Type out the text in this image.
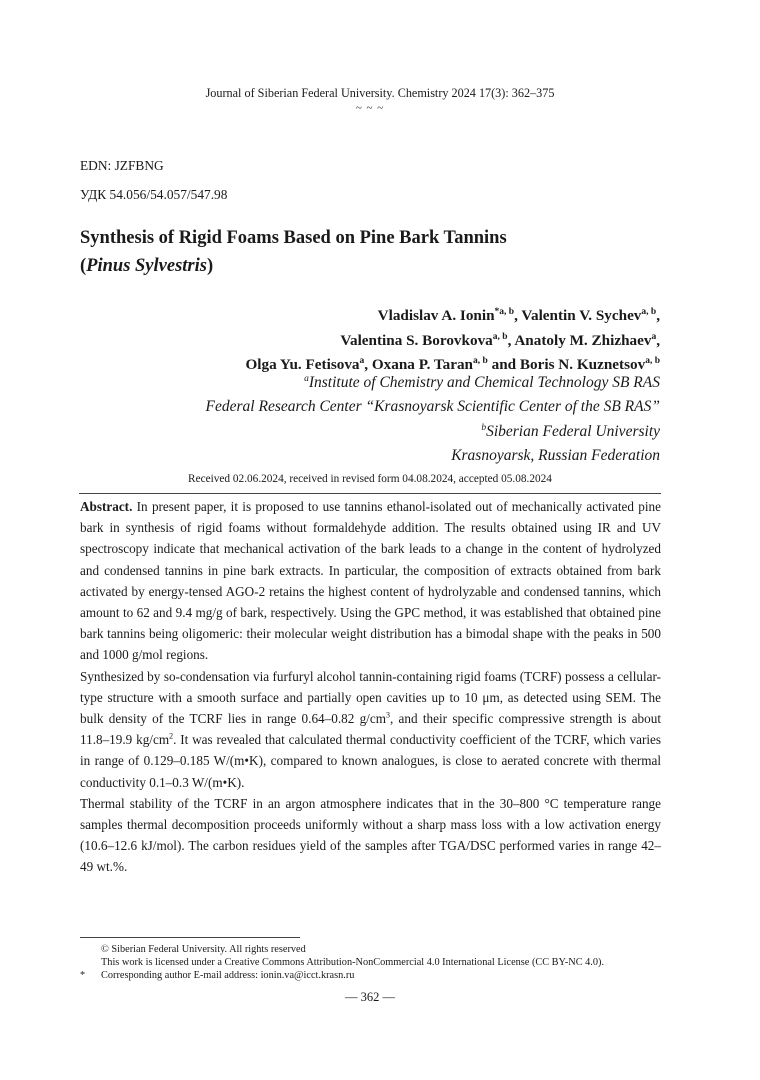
Journal of Siberian Federal University. Chemistry 2024 17(3): 362–375
~ ~ ~
EDN: JZFBNG
УДК 54.056/54.057/547.98
Synthesis of Rigid Foams Based on Pine Bark Tannins
(Pinus Sylvestris)
Vladislav A. Ionin$^{*a, b}$, Valentin V. Sychev$^{a, b}$,
Valentina S. Borovkova$^{a, b}$, Anatoly M. Zhizhaev$^a$,
Olga Yu. Fetisova$^a$, Oxana P. Taran$^{a, b}$ and Boris N. Kuznetsov$^{a, b}$
$^a$Institute of Chemistry and Chemical Technology SB RAS
Federal Research Center “Krasnoyarsk Scientific Center of the SB RAS”
$^b$Siberian Federal University
Krasnoyarsk, Russian Federation
Received 02.06.2024, received in revised form 04.08.2024, accepted 05.08.2024

Abstract. In present paper, it is proposed to use tannins ethanol-isolated out of mechanically activated pine bark in synthesis of rigid foams without formaldehyde addition. The results obtained using IR and UV spectroscopy indicate that mechanical activation of the bark leads to a change in the content of hydrolyzed and condensed tannins in pine bark extracts. In particular, the composition of extracts obtained from bark activated by energy-tensed AGO-2 retains the highest content of hydrolyzable and condensed tannins, which amount to 62 and 9.4 mg/g of bark, respectively. Using the GPC method, it was established that obtained pine bark tannins being oligomeric: their molecular weight distribution has a bimodal shape with the peaks in 500 and 1000 g/mol regions.

Synthesized by so-condensation via furfuryl alcohol tannin-containing rigid foams (TCRF) possess a cellular-type structure with a smooth surface and partially open cavities up to 10 μm, as detected using SEM. The bulk density of the TCRF lies in range 0.64–0.82 $g/cm^3$, and their specific compressive strength is about 11.8–19.9 $kg/cm^2$. It was revealed that calculated thermal conductivity coefficient of the TCRF, which varies in range of 0.129–0.185 W/(m•K), compared to known analogues, is close to aerated concrete with thermal conductivity 0.1–0.3 W/(m•K).

Thermal stability of the TCRF in an argon atmosphere indicates that in the 30–800 °C temperature range samples thermal decomposition proceeds uniformly without a sharp mass loss with a low activation energy (10.6–12.6 kJ/mol). The carbon residues yield of the samples after TGA/DSC performed varies in range 42–49 wt.%.

© Siberian Federal University. All rights reserved
This work is licensed under a Creative Commons Attribution-NonCommercial 4.0 International License (CC BY-NC 4.0).
* Corresponding author E-mail address: ionin.va@icct.krasn.ru
— 362 —
